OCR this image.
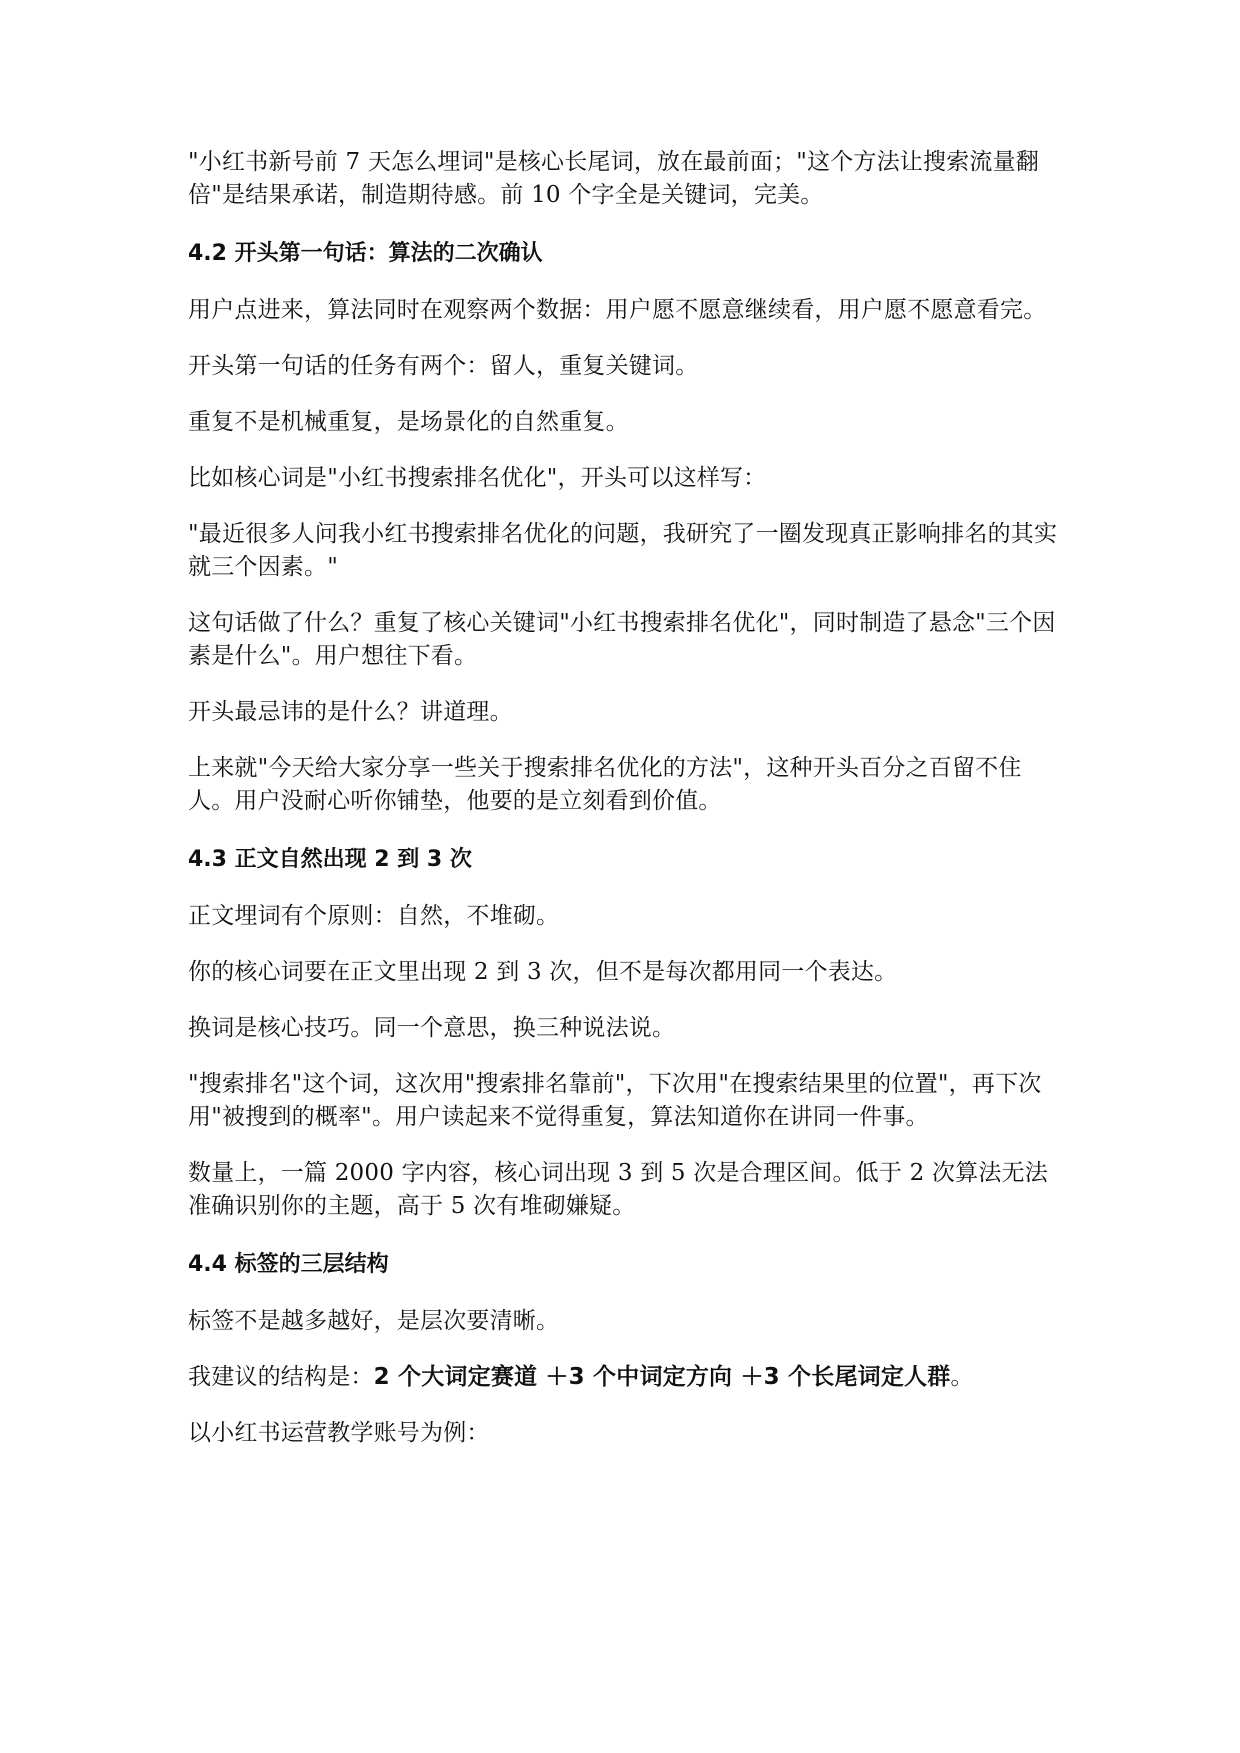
"小红书新号前 7 天怎么埋词"是核心长尾词，放在最前面；"这个方法让搜索流量翻倍"是结果承诺，制造期待感。前 10 个字全是关键词，完美。

4.2 开头第一句话：算法的二次确认

用户点进来，算法同时在观察两个数据：用户愿不愿意继续看，用户愿不愿意看完。

开头第一句话的任务有两个：留人，重复关键词。

重复不是机械重复，是场景化的自然重复。

比如核心词是"小红书搜索排名优化"，开头可以这样写：

"最近很多人问我小红书搜索排名优化的问题，我研究了一圈发现真正影响排名的其实就三个因素。"

这句话做了什么？重复了核心关键词"小红书搜索排名优化"，同时制造了悬念"三个因素是什么"。用户想往下看。

开头最忌讳的是什么？讲道理。

上来就"今天给大家分享一些关于搜索排名优化的方法"，这种开头百分之百留不住人。用户没耐心听你铺垫，他要的是立刻看到价值。

4.3 正文自然出现 2 到 3 次

正文埋词有个原则：自然，不堆砌。

你的核心词要在正文里出现 2 到 3 次，但不是每次都用同一个表达。

换词是核心技巧。同一个意思，换三种说法说。

"搜索排名"这个词，这次用"搜索排名靠前"，下次用"在搜索结果里的位置"，再下次用"被搜到的概率"。用户读起来不觉得重复，算法知道你在讲同一件事。

数量上，一篇 2000 字内容，核心词出现 3 到 5 次是合理区间。低于 2 次算法无法准确识别你的主题，高于 5 次有堆砌嫌疑。

4.4 标签的三层结构

标签不是越多越好，是层次要清晰。

我建议的结构是：2 个大词定赛道 ＋3 个中词定方向 ＋3 个长尾词定人群。

以小红书运营教学账号为例：
